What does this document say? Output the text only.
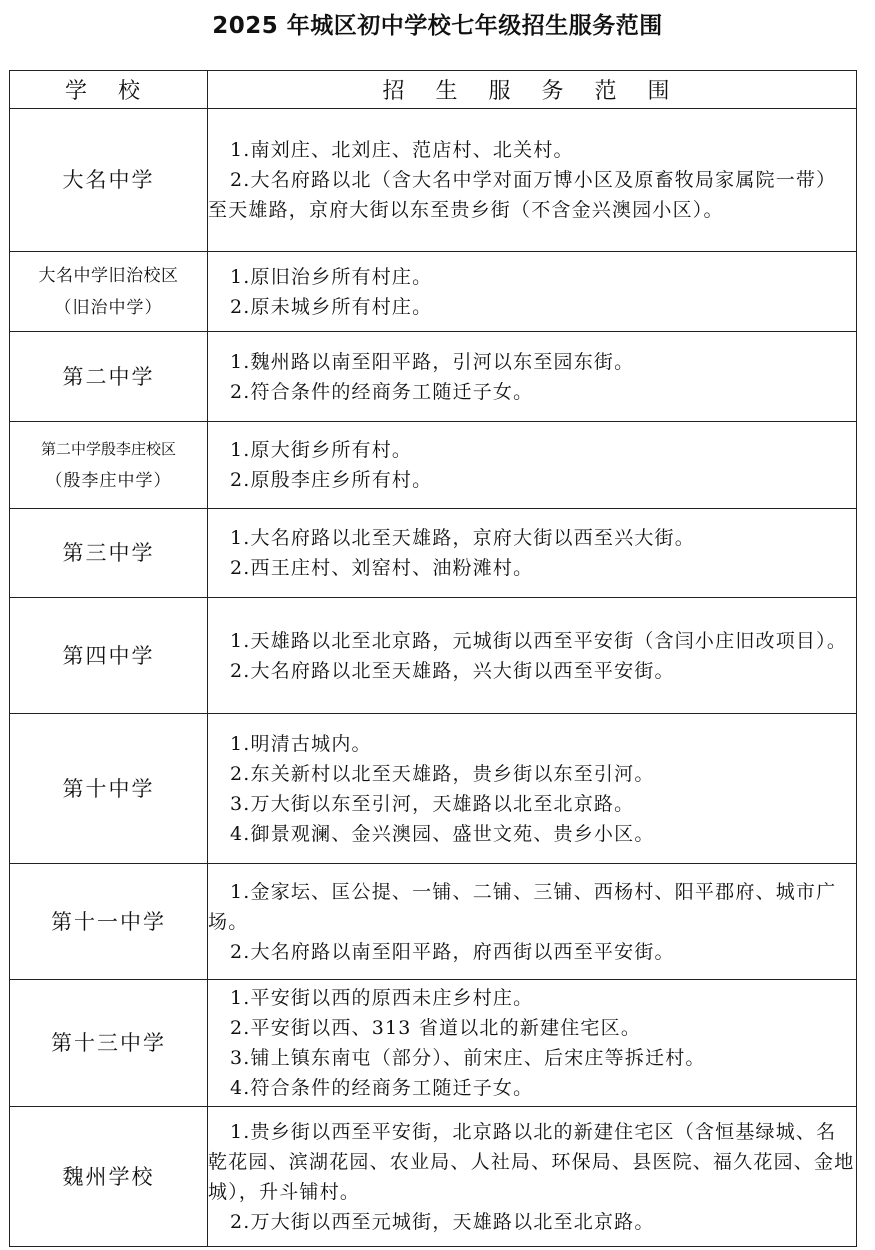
2025 年城区初中学校七年级招生服务范围
学 校	招 生 服 务 范 围
大名中学	1.南刘庄、北刘庄、范店村、北关村。
2.大名府路以北（含大名中学对面万博小区及原畜牧局家属院一带）至天雄路，京府大街以东至贵乡街（不含金兴澳园小区）。

大名中学旧治校区
（旧治中学）	1.原旧治乡所有村庄。
2.原未城乡所有村庄。

第二中学	1.魏州路以南至阳平路，引河以东至园东街。
2.符合条件的经商务工随迁子女。

第二中学殷李庄校区
（殷李庄中学）	1.原大街乡所有村。
2.原殷李庄乡所有村。

第三中学	1.大名府路以北至天雄路，京府大街以西至兴大街。
2.西王庄村、刘窑村、油粉滩村。

第四中学	1.天雄路以北至北京路，元城街以西至平安街（含闫小庄旧改项目）。
2.大名府路以北至天雄路，兴大街以西至平安街。

第十中学	1.明清古城内。
2.东关新村以北至天雄路，贵乡街以东至引河。
3.万大街以东至引河，天雄路以北至北京路。
4.御景观澜、金兴澳园、盛世文苑、贵乡小区。

第十一中学	1.金家坛、匡公提、一铺、二铺、三铺、西杨村、阳平郡府、城市广场。
2.大名府路以南至阳平路，府西街以西至平安街。

第十三中学	1.平安街以西的原西未庄乡村庄。
2.平安街以西、313 省道以北的新建住宅区。
3.铺上镇东南屯（部分）、前宋庄、后宋庄等拆迁村。
4.符合条件的经商务工随迁子女。

魏州学校	1.贵乡街以西至平安街，北京路以北的新建住宅区（含恒基绿城、名乾花园、滨湖花园、农业局、人社局、环保局、县医院、福久花园、金地城），升斗铺村。
2.万大街以西至元城街，天雄路以北至北京路。
